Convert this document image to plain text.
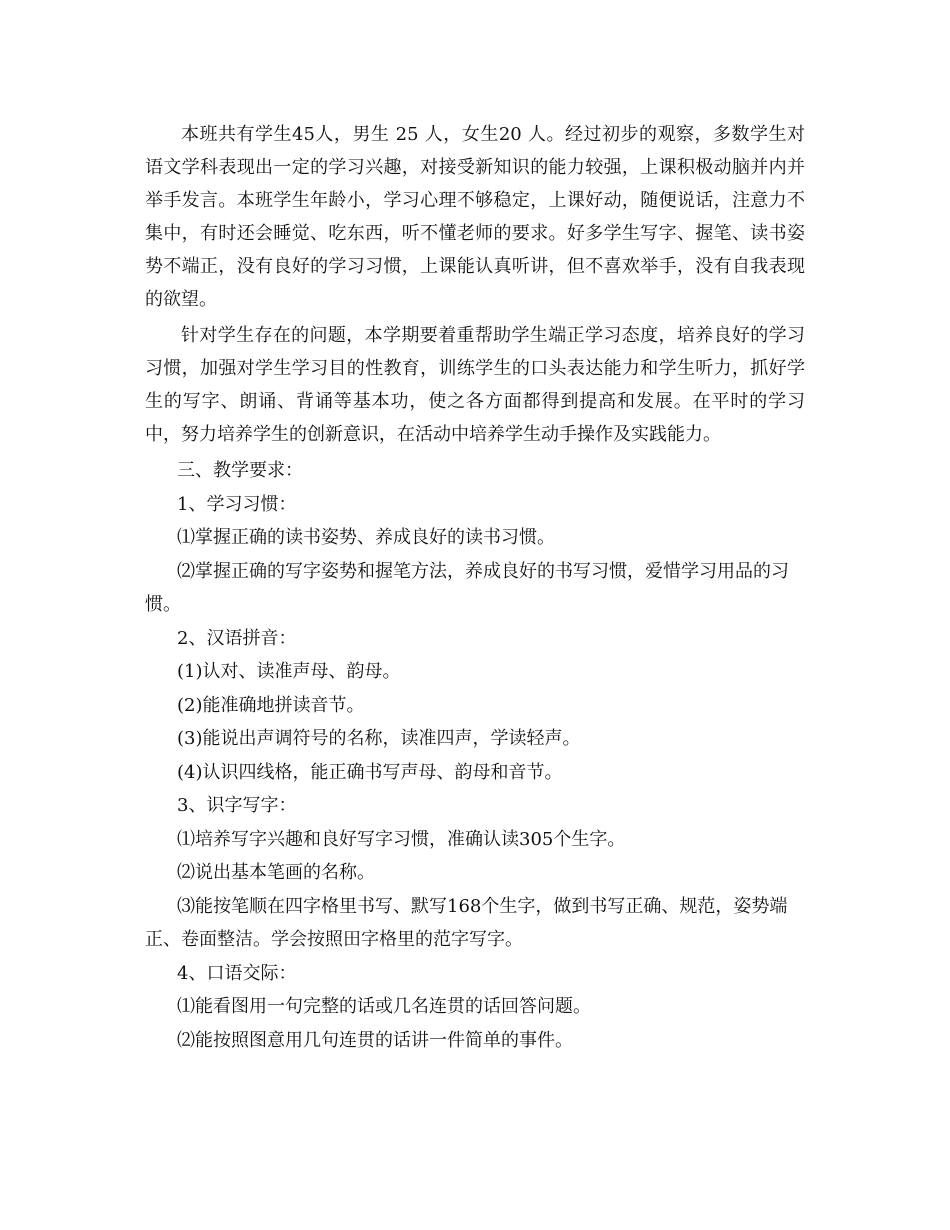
本班共有学生45人，男生 25 人，女生20 人。经过初步的观察，多数学生对语文学科表现出一定的学习兴趣，对接受新知识的能力较强，上课积极动脑并内并举手发言。本班学生年龄小，学习心理不够稳定，上课好动，随便说话，注意力不集中，有时还会睡觉、吃东西，听不懂老师的要求。好多学生写字、握笔、读书姿势不端正，没有良好的学习习惯，上课能认真听讲，但不喜欢举手，没有自我表现的欲望。

针对学生存在的问题，本学期要着重帮助学生端正学习态度，培养良好的学习习惯，加强对学生学习目的性教育，训练学生的口头表达能力和学生听力，抓好学生的写字、朗诵、背诵等基本功，使之各方面都得到提高和发展。在平时的学习中，努力培养学生的创新意识，在活动中培养学生动手操作及实践能力。

三、教学要求：

1、学习习惯：

⑴掌握正确的读书姿势、养成良好的读书习惯。

⑵掌握正确的写字姿势和握笔方法，养成良好的书写习惯，爱惜学习用品的习惯。

2、汉语拼音：

(1)认对、读准声母、韵母。

(2)能准确地拼读音节。

(3)能说出声调符号的名称，读准四声，学读轻声。

(4)认识四线格，能正确书写声母、韵母和音节。

3、识字写字：

⑴培养写字兴趣和良好写字习惯，准确认读305个生字。

⑵说出基本笔画的名称。

⑶能按笔顺在四字格里书写、默写168个生字，做到书写正确、规范，姿势端正、卷面整洁。学会按照田字格里的范字写字。

4、口语交际：

⑴能看图用一句完整的话或几名连贯的话回答问题。

⑵能按照图意用几句连贯的话讲一件简单的事件。
